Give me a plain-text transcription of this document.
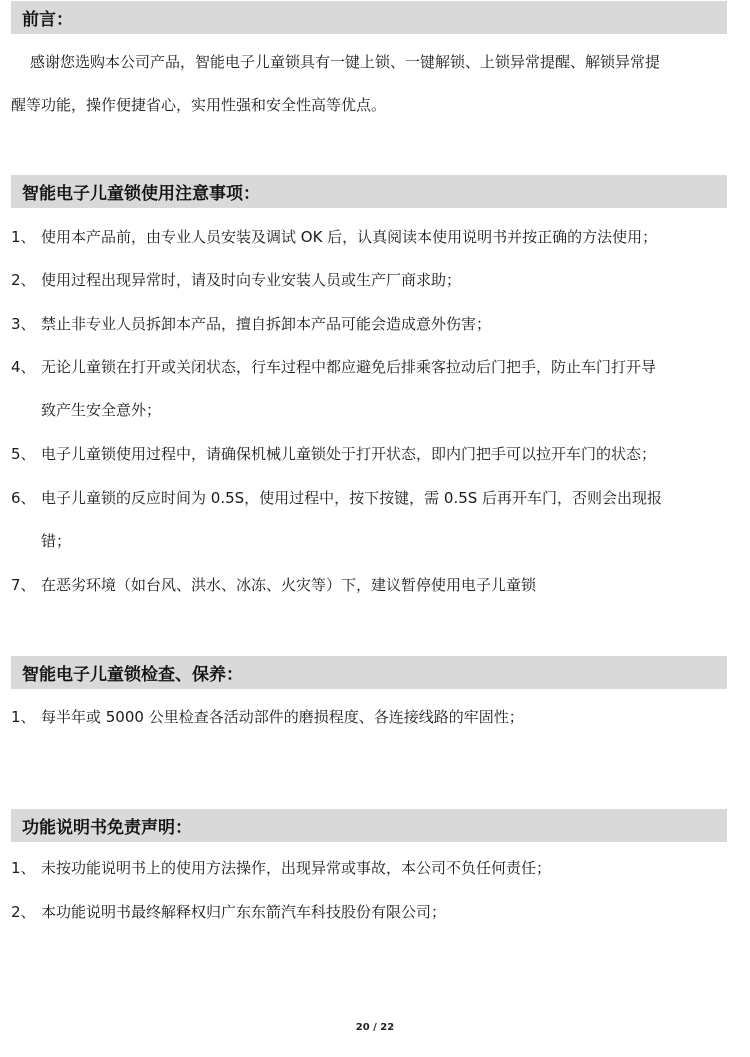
前言：
感谢您选购本公司产品，智能电子儿童锁具有一键上锁、一键解锁、上锁异常提醒、解锁异常提
醒等功能，操作便捷省心，实用性强和安全性高等优点。
智能电子儿童锁使用注意事项：
1、 使用本产品前，由专业人员安装及调试 OK 后，认真阅读本使用说明书并按正确的方法使用；
2、 使用过程出现异常时，请及时向专业安装人员或生产厂商求助；
3、 禁止非专业人员拆卸本产品，擅自拆卸本产品可能会造成意外伤害；
4、 无论儿童锁在打开或关闭状态，行车过程中都应避免后排乘客拉动后门把手，防止车门打开导
致产生安全意外；
5、 电子儿童锁使用过程中，请确保机械儿童锁处于打开状态，即内门把手可以拉开车门的状态；
6、 电子儿童锁的反应时间为 0.5S，使用过程中，按下按键，需 0.5S 后再开车门，否则会出现报
错；
7、 在恶劣环境（如台风、洪水、冰冻、火灾等）下，建议暂停使用电子儿童锁
智能电子儿童锁检查、保养：
1、 每半年或 5000 公里检查各活动部件的磨损程度、各连接线路的牢固性；
功能说明书免责声明：
1、 未按功能说明书上的使用方法操作，出现异常或事故，本公司不负任何责任；
2、 本功能说明书最终解释权归广东东箭汽车科技股份有限公司；
20 / 22
